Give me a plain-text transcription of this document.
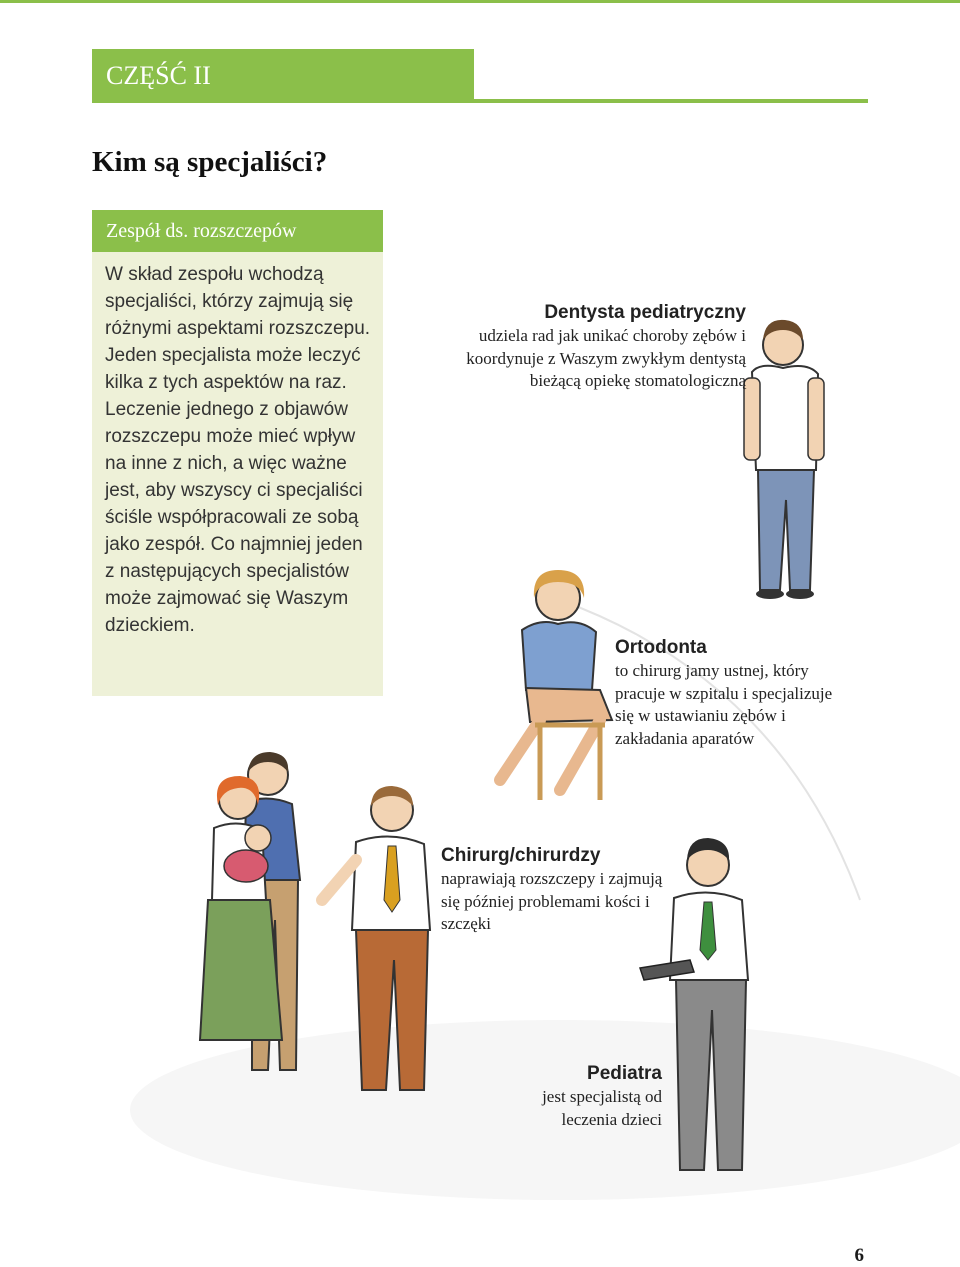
CZĘŚĆ II
Kim są specjaliści?
Zespół ds. rozszczepów

W skład zespołu wchodzą specjaliści, którzy zajmują się różnymi aspektami rozszczepu. Jeden specjalista może leczyć kilka z tych aspektów na raz. Leczenie jednego z objawów rozszczepu może mieć wpływ na inne z nich, a więc ważne jest, aby wszyscy ci specjaliści ściśle współpracowali ze sobą jako zespół. Co najmniej jeden z następujących specjalistów może zajmować się Waszym dzieckiem.

Dentysta pediatryczny
udziela rad jak unikać choroby zębów i koordynuje z Waszym zwykłym dentystą bieżącą opiekę stomatologiczną
Ortodonta
to chirurg jamy ustnej, który pracuje w szpitalu i specjalizuje się w ustawianiu zębów i zakładania aparatów
Chirurg/chirurdzy
naprawiają rozszczepy i zajmują się później problemami kości i szczęki
Pediatra
jest specjalistą od leczenia dzieci
6
